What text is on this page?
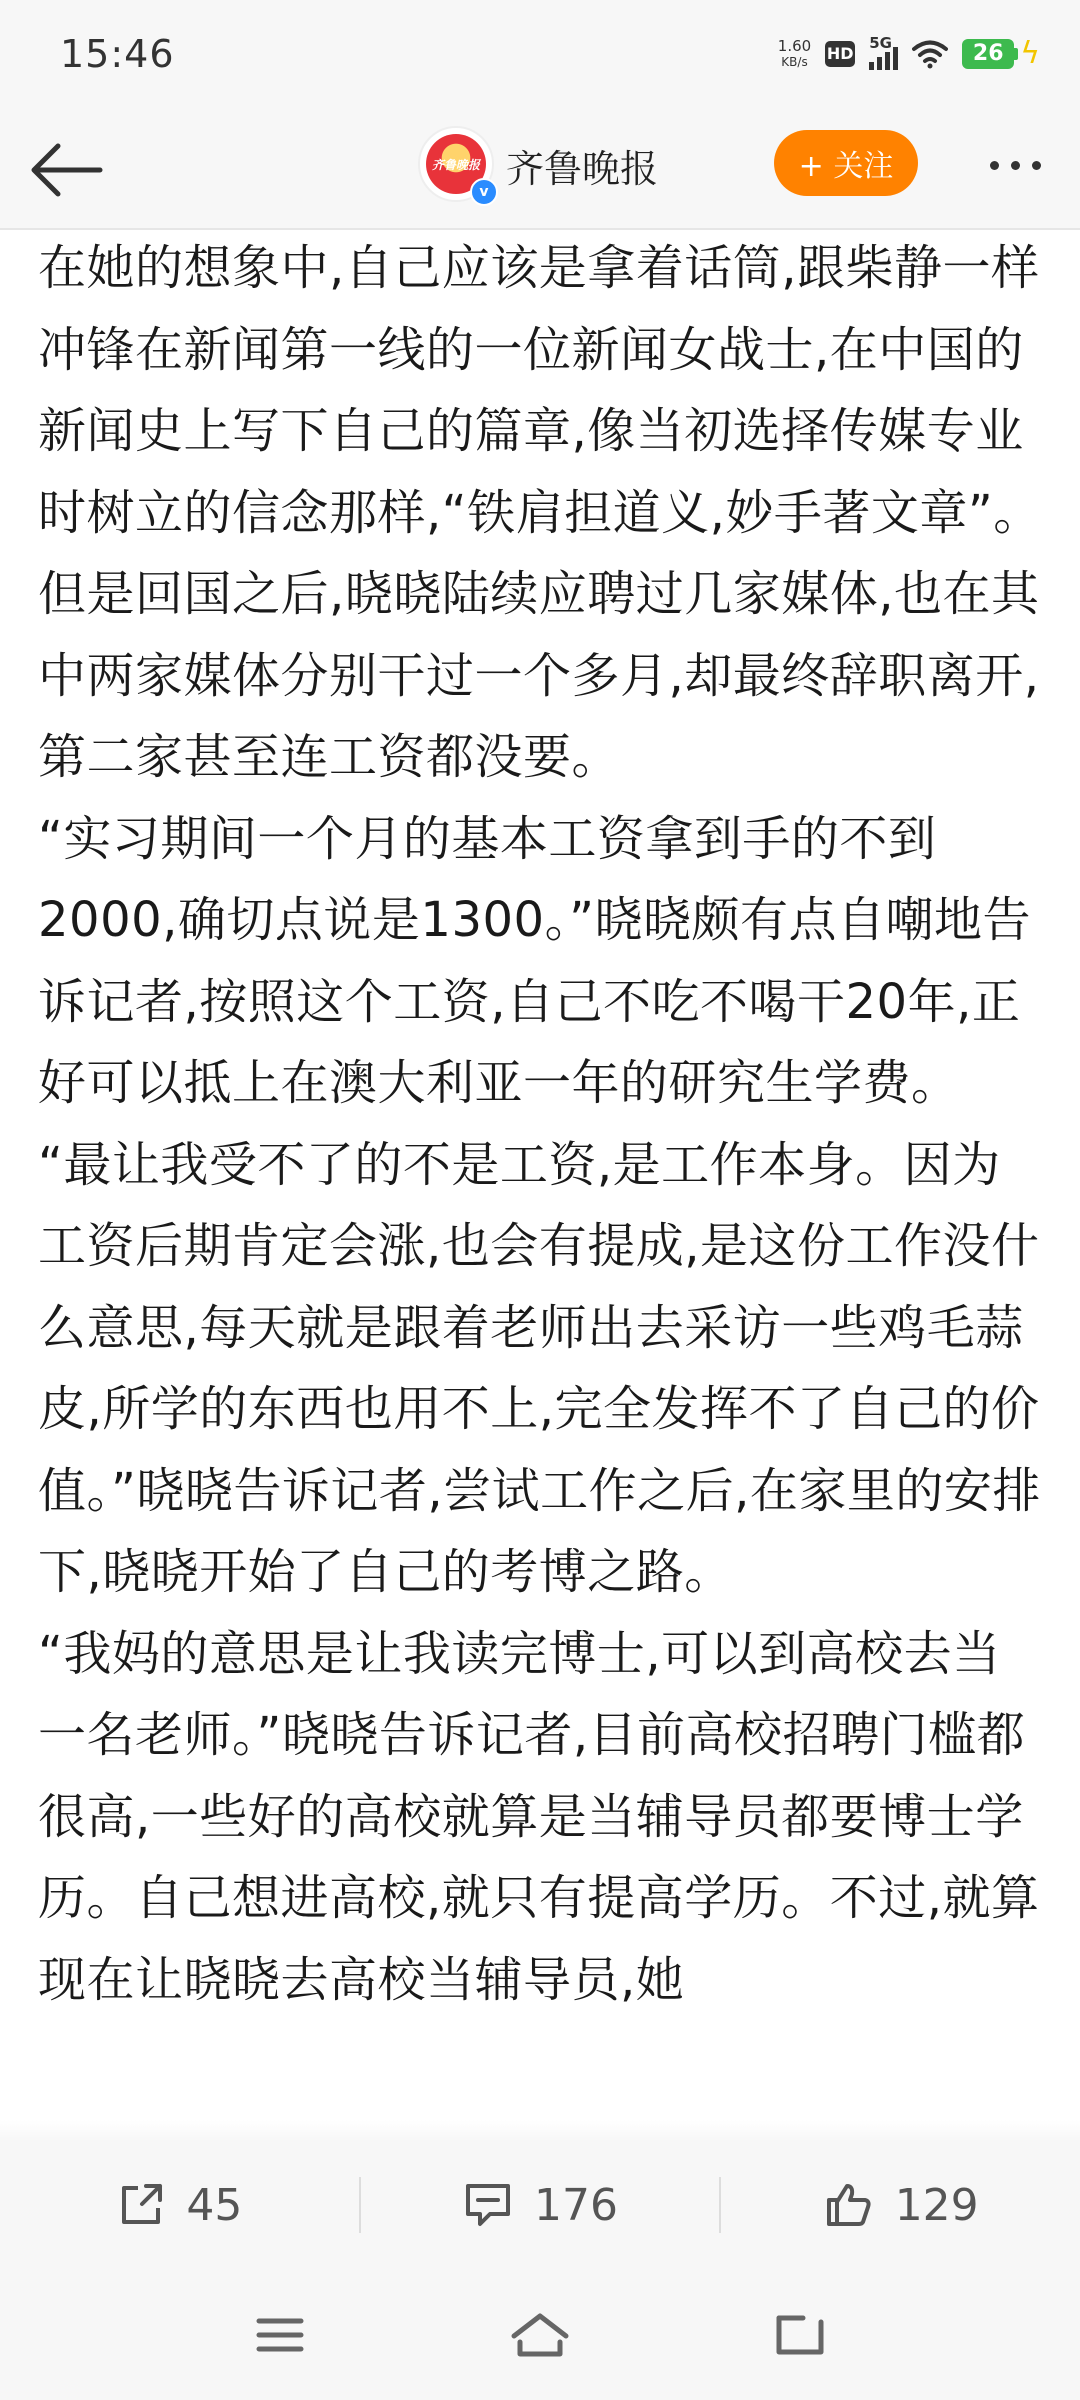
15:46	1.60
KB/s HD
5G	26 ϟ
齐鲁晚报
v
齐鲁晚报	+ 关注

在她的想象中,自己应该是拿着话筒,跟柴静一样冲锋在新闻第一线的一位新闻女战士,在中国的新闻史上写下自己的篇章,像当初选择传媒专业时树立的信念那样,“铁肩担道义,妙手著文章”。但是回国之后,晓晓陆续应聘过几家媒体,也在其中两家媒体分别干过一个多月,却最终辞职离开,第二家甚至连工资都没要。

“实习期间一个月的基本工资拿到手的不到2000,确切点说是1300。”晓晓颇有点自嘲地告诉记者,按照这个工资,自己不吃不喝干20年,正好可以抵上在澳大利亚一年的研究生学费。

“最让我受不了的不是工资,是工作本身。因为工资后期肯定会涨,也会有提成,是这份工作没什么意思,每天就是跟着老师出去采访一些鸡毛蒜皮,所学的东西也用不上,完全发挥不了自己的价值。”晓晓告诉记者,尝试工作之后,在家里的安排下,晓晓开始了自己的考博之路。

“我妈的意思是让我读完博士,可以到高校去当一名老师。”晓晓告诉记者,目前高校招聘门槛都很高,一些好的高校就算是当辅导员都要博士学历。自己想进高校,就只有提高学历。不过,就算现在让晓晓去高校当辅导员,她

45	176	129
